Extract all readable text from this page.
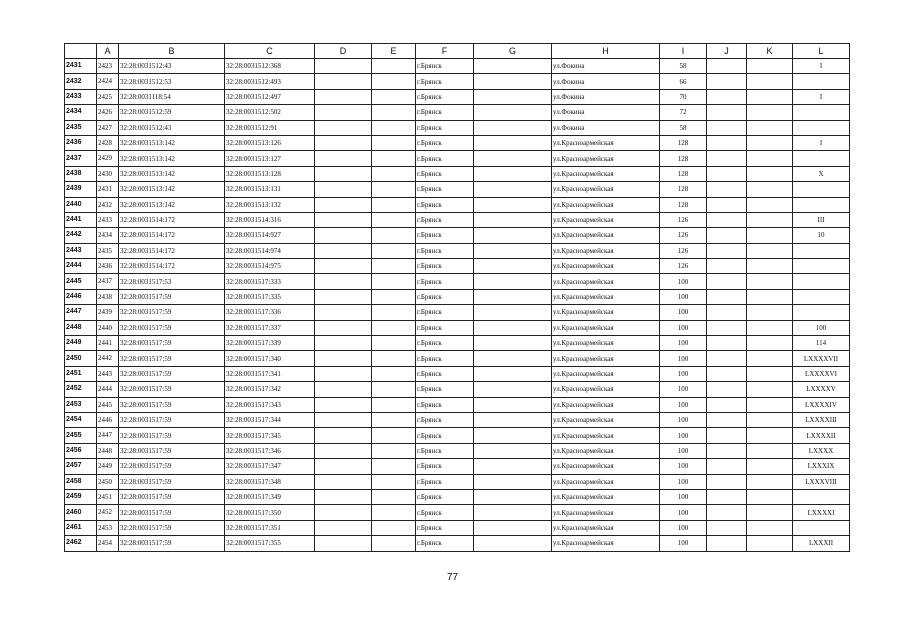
	A	B	C	D	E	F	G	H	I	J	K	L
2431	2423	32:28:0031512:43	32:28:0031512:368			г.Брянск		ул.Фокина	58			I
2432	2424	32:28:0031512:53	32:28:0031512:493			г.Брянск		ул.Фокина	66			
2433	2425	32:28:0031118:54	32:28:0031512:497			г.Брянск		ул.Фокина	70			I
2434	2426	32:28:0031512:59	32:28:0031512:502			г.Брянск		ул.Фокина	72			
2435	2427	32:28:0031512:43	32:28:0031512:91			г.Брянск		ул.Фокина	58			
2436	2428	32:28:0031513:142	32:28:0031513:126			г.Брянск		ул.Красноармейская	128			I
2437	2429	32:28:0031513:142	32:28:0031513:127			г.Брянск		ул.Красноармейская	128			
2438	2430	32:28:0031513:142	32:28:0031513:128			г.Брянск		ул.Красноармейская	128			X
2439	2431	32:28:0031513:142	32:28:0031513:131			г.Брянск		ул.Красноармейская	128			
2440	2432	32:28:0031513:142	32:28:0031513:132			г.Брянск		ул.Красноармейская	128			
2441	2433	32:28:0031514:172	32:28:0031514:316			г.Брянск		ул.Красноармейская	126			III
2442	2434	32:28:0031514:172	32:28:0031514:927			г.Брянск		ул.Красноармейская	126			10
2443	2435	32:28:0031514:172	32:28:0031514:974			г.Брянск		ул.Красноармейская	126			
2444	2436	32:28:0031514:172	32:28:0031514:975			г.Брянск		ул.Красноармейская	126			
2445	2437	32:28:0031517:53	32:28:0031517:333			г.Брянск		ул.Красноармейская	100			
2446	2438	32:28:0031517:59	32:28:0031517:335			г.Брянск		ул.Красноармейская	100			
2447	2439	32:28:0031517:59	32:28:0031517:336			г.Брянск		ул.Красноармейская	100			
2448	2440	32:28:0031517:59	32:28:0031517:337			г.Брянск		ул.Красноармейская	100			100
2449	2441	32:28:0031517:59	32:28:0031517:339			г.Брянск		ул.Красноармейская	100			114
2450	2442	32:28:0031517:59	32:28:0031517:340			г.Брянск		ул.Красноармейская	100			LXXXXVII
2451	2443	32:28:0031517:59	32:28:0031517:341			г.Брянск		ул.Красноармейская	100			LXXXXVI
2452	2444	32:28:0031517:59	32:28:0031517:342			г.Брянск		ул.Красноармейская	100			LXXXXV
2453	2445	32:28:0031517:59	32:28:0031517:343			г.Брянск		ул.Красноармейская	100			LXXXXIV
2454	2446	32:28:0031517:59	32:28:0031517:344			г.Брянск		ул.Красноармейская	100			LXXXXIII
2455	2447	32:28:0031517:59	32:28:0031517:345			г.Брянск		ул.Красноармейская	100			LXXXXII
2456	2448	32:28:0031517:59	32:28:0031517:346			г.Брянск		ул.Красноармейская	100			LXXXX
2457	2449	32:28:0031517:59	32:28:0031517:347			г.Брянск		ул.Красноармейская	100			LXXXIX
2458	2450	32:28:0031517:59	32:28:0031517:348			г.Брянск		ул.Красноармейская	100			LXXXVIII
2459	2451	32:28:0031517:59	32:28:0031517:349			г.Брянск		ул.Красноармейская	100			
2460	2452	32:28:0031517:59	32:28:0031517:350			г.Брянск		ул.Красноармейская	100			LXXXXI
2461	2453	32:28:0031517:59	32:28:0031517:351			г.Брянск		ул.Красноармейская	100			
2462	2454	32:28:0031517:59	32:28:0031517:355			г.Брянск		ул.Красноармейская	100			LXXXII
77
